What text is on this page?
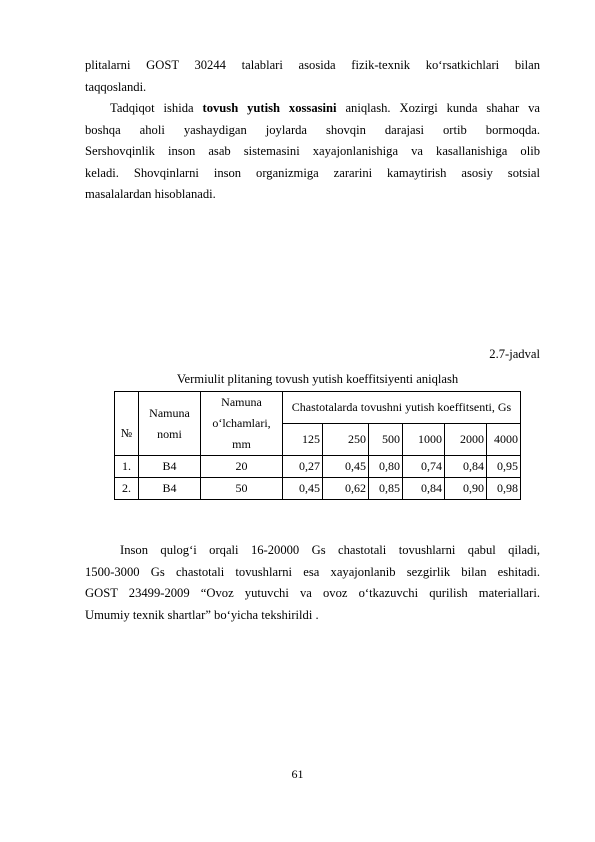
plitalarni GOST 30244 talablari asosida fizik-texnik ko‘rsatkichlari bilan
taqqoslandi.
Tadqiqot ishida tovush yutish xossasini aniqlash. Xozirgi kunda shahar va
boshqa aholi yashaydigan joylarda shovqin darajasi ortib bormoqda.
Sershovqinlik inson asab sistemasini xayajonlanishiga va kasallanishiga olib
keladi. Shovqinlarni inson organizmiga zararini kamaytirish asosiy sotsial
masalalardan hisoblanadi.
2.7-jadval
Vermiulit plitaning tovush yutish koeffitsiyenti aniqlash
№	Namuna nomi	Namuna o‘lchamlari, mm	Chastotalarda tovushni yutish koeffitsenti, Gs					
			125	250	500	1000	2000	4000
1.	B4	20	0,27	0,45	0,80	0,74	0,84	0,95
2.	B4	50	0,45	0,62	0,85	0,84	0,90	0,98
Inson qulog‘i orqali 16-20000 Gs chastotali tovushlarni qabul qiladi,
1500-3000 Gs chastotali tovushlarni esa xayajonlanib sezgirlik bilan eshitadi.
GOST 23499-2009 “Ovoz yutuvchi va ovoz o‘tkazuvchi qurilish materiallari.
Umumiy texnik shartlar” bo‘yicha tekshirildi .
61
